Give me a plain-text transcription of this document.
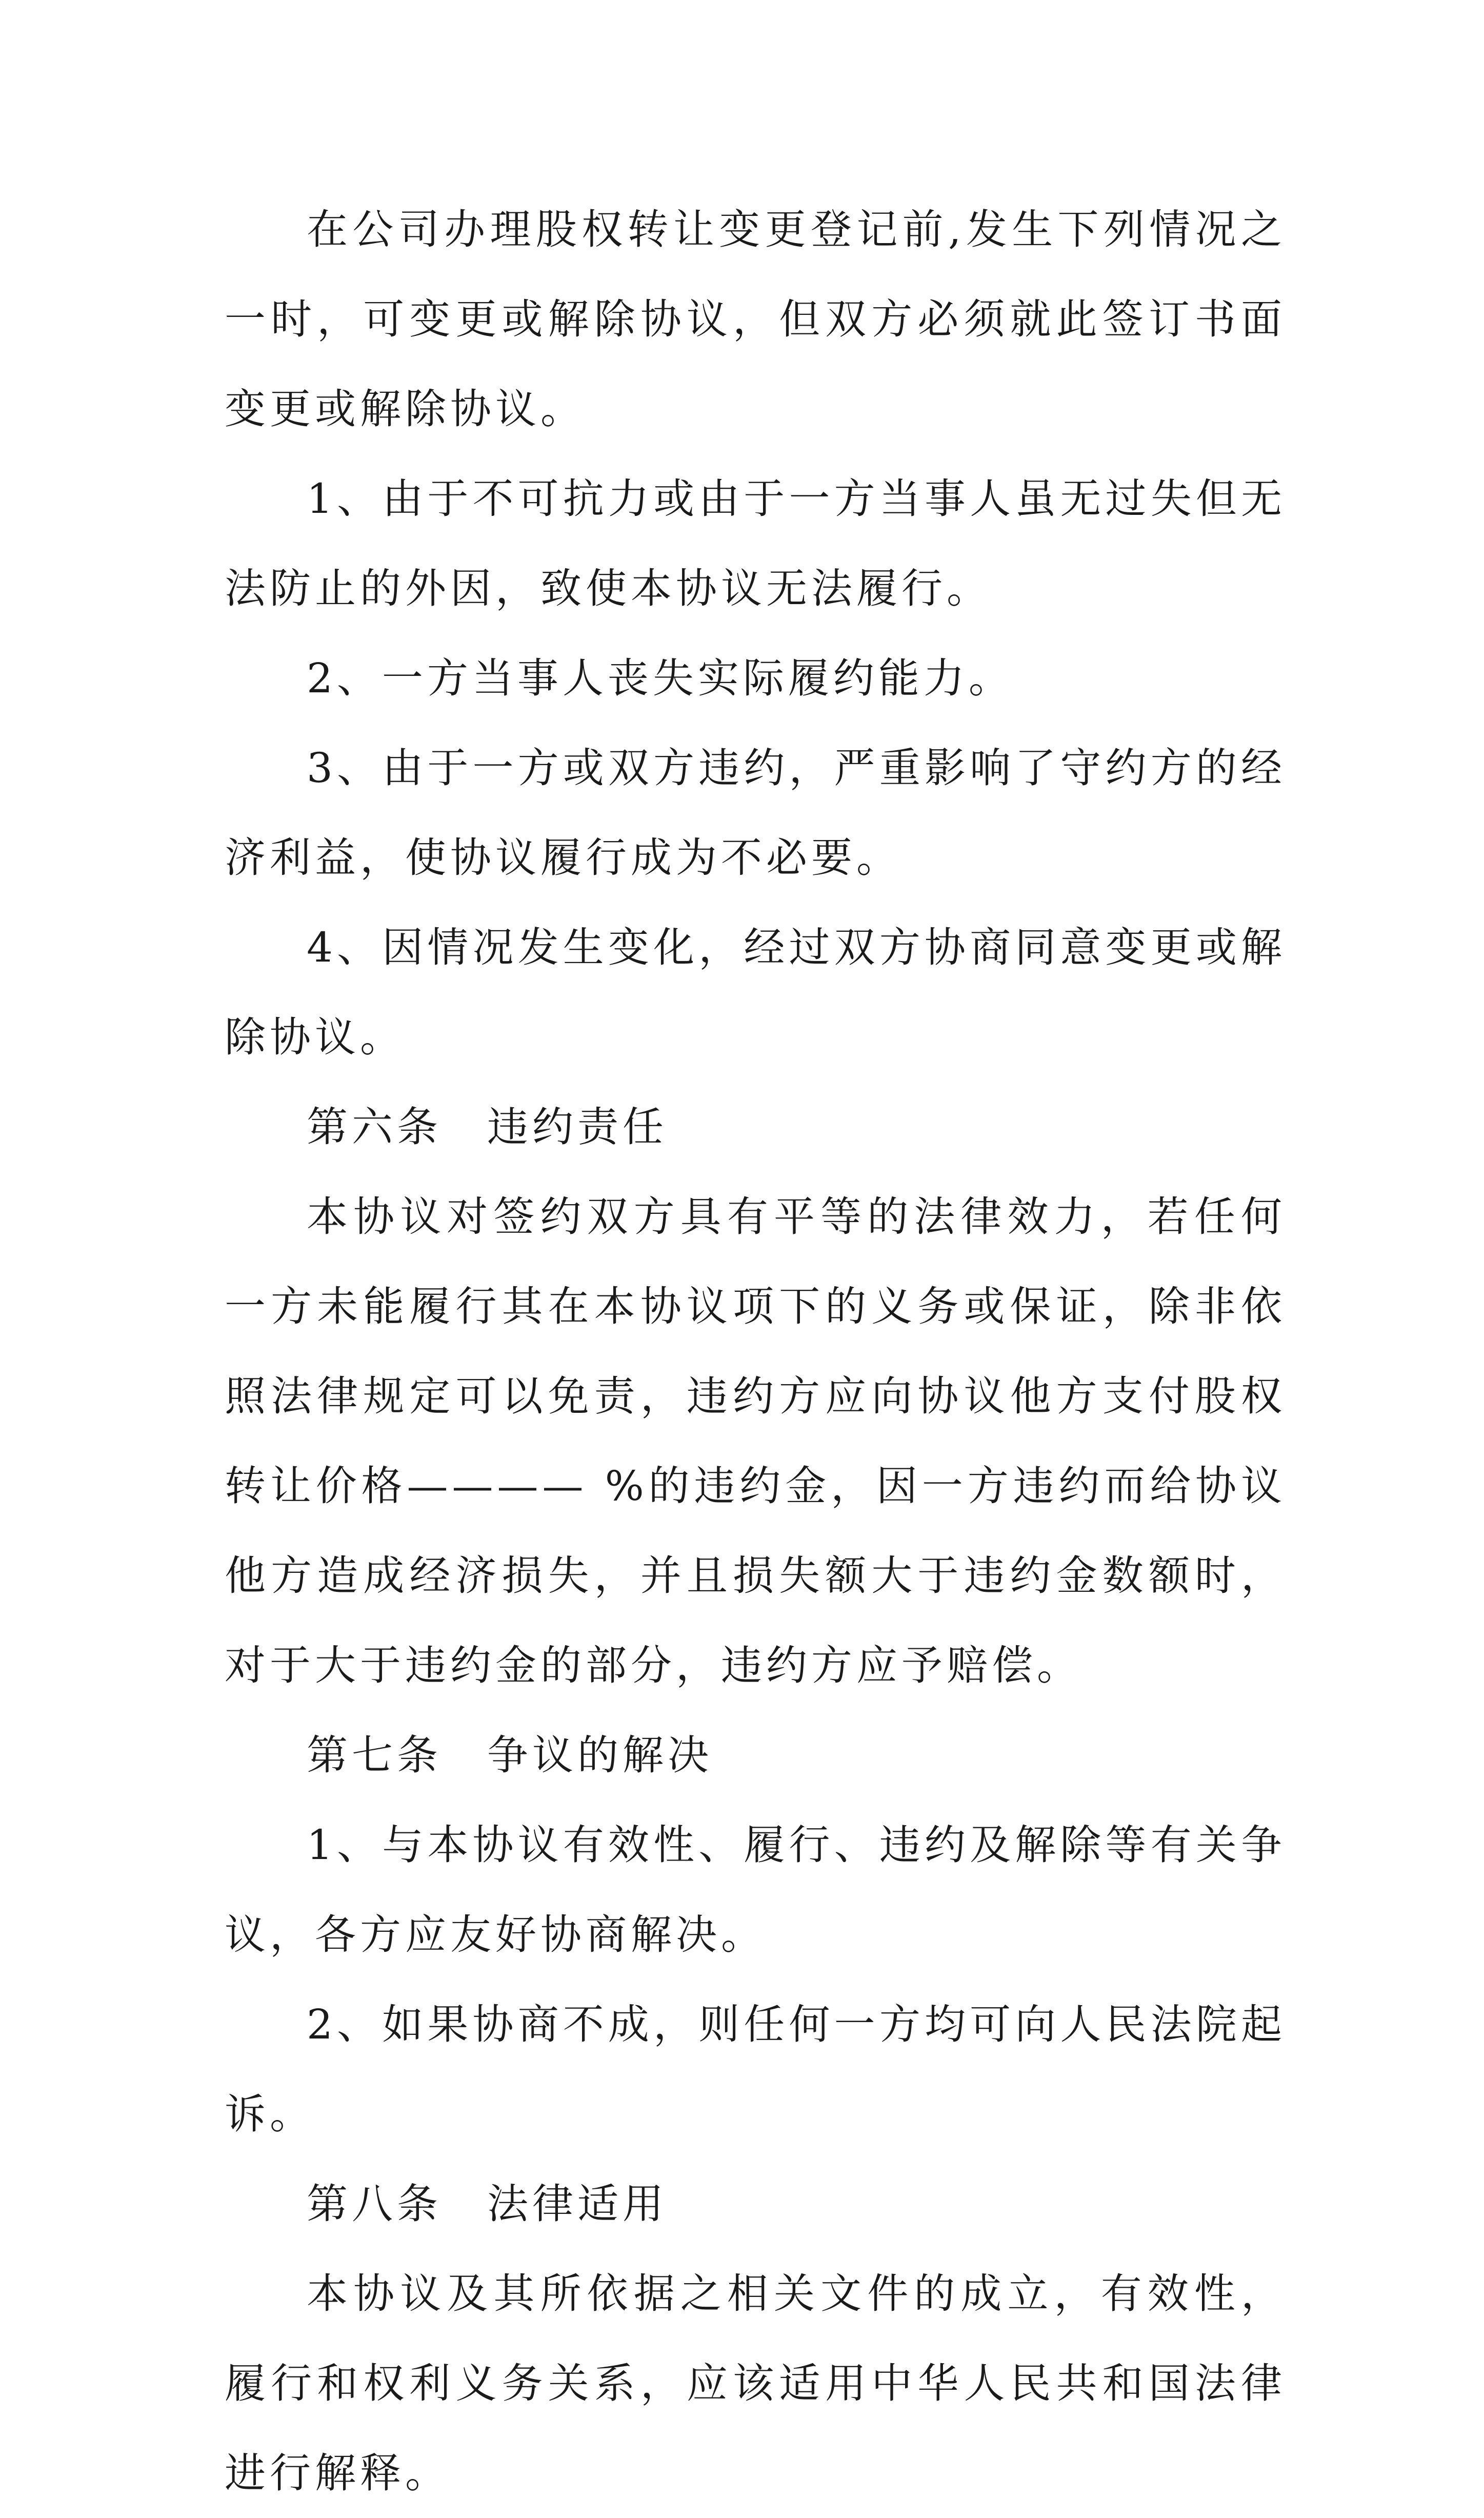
在公司办理股权转让变更登记前,发生下列情况之一时，可变更或解除协议，但双方必须就此签订书面变更或解除协议。

1、由于不可抗力或由于一方当事人虽无过失但无法防止的外因，致使本协议无法履行。

2、一方当事人丧失实际履约能力。

3、由于一方或双方违约，严重影响了守约方的经济利益，使协议履行成为不必要。

4、因情况发生变化，经过双方协商同意变更或解除协议。

第六条　违约责任

本协议对签约双方具有平等的法律效力，若任何一方未能履行其在本协议项下的义务或保证，除非依照法律规定可以免责，违约方应向协议他方支付股权转让价格———— %的违约金，因一方违约而给协议他方造成经济损失，并且损失额大于违约金数额时，对于大于违约金的部分，违约方应予赔偿。

第七条　争议的解决

1、与本协议有效性、履行、违约及解除等有关争议，各方应友好协商解决。

2、如果协商不成，则任何一方均可向人民法院起诉。

第八条　法律适用

本协议及其所依据之相关文件的成立，有效性，履行和权利义务关系，应该适用中华人民共和国法律进行解释。
